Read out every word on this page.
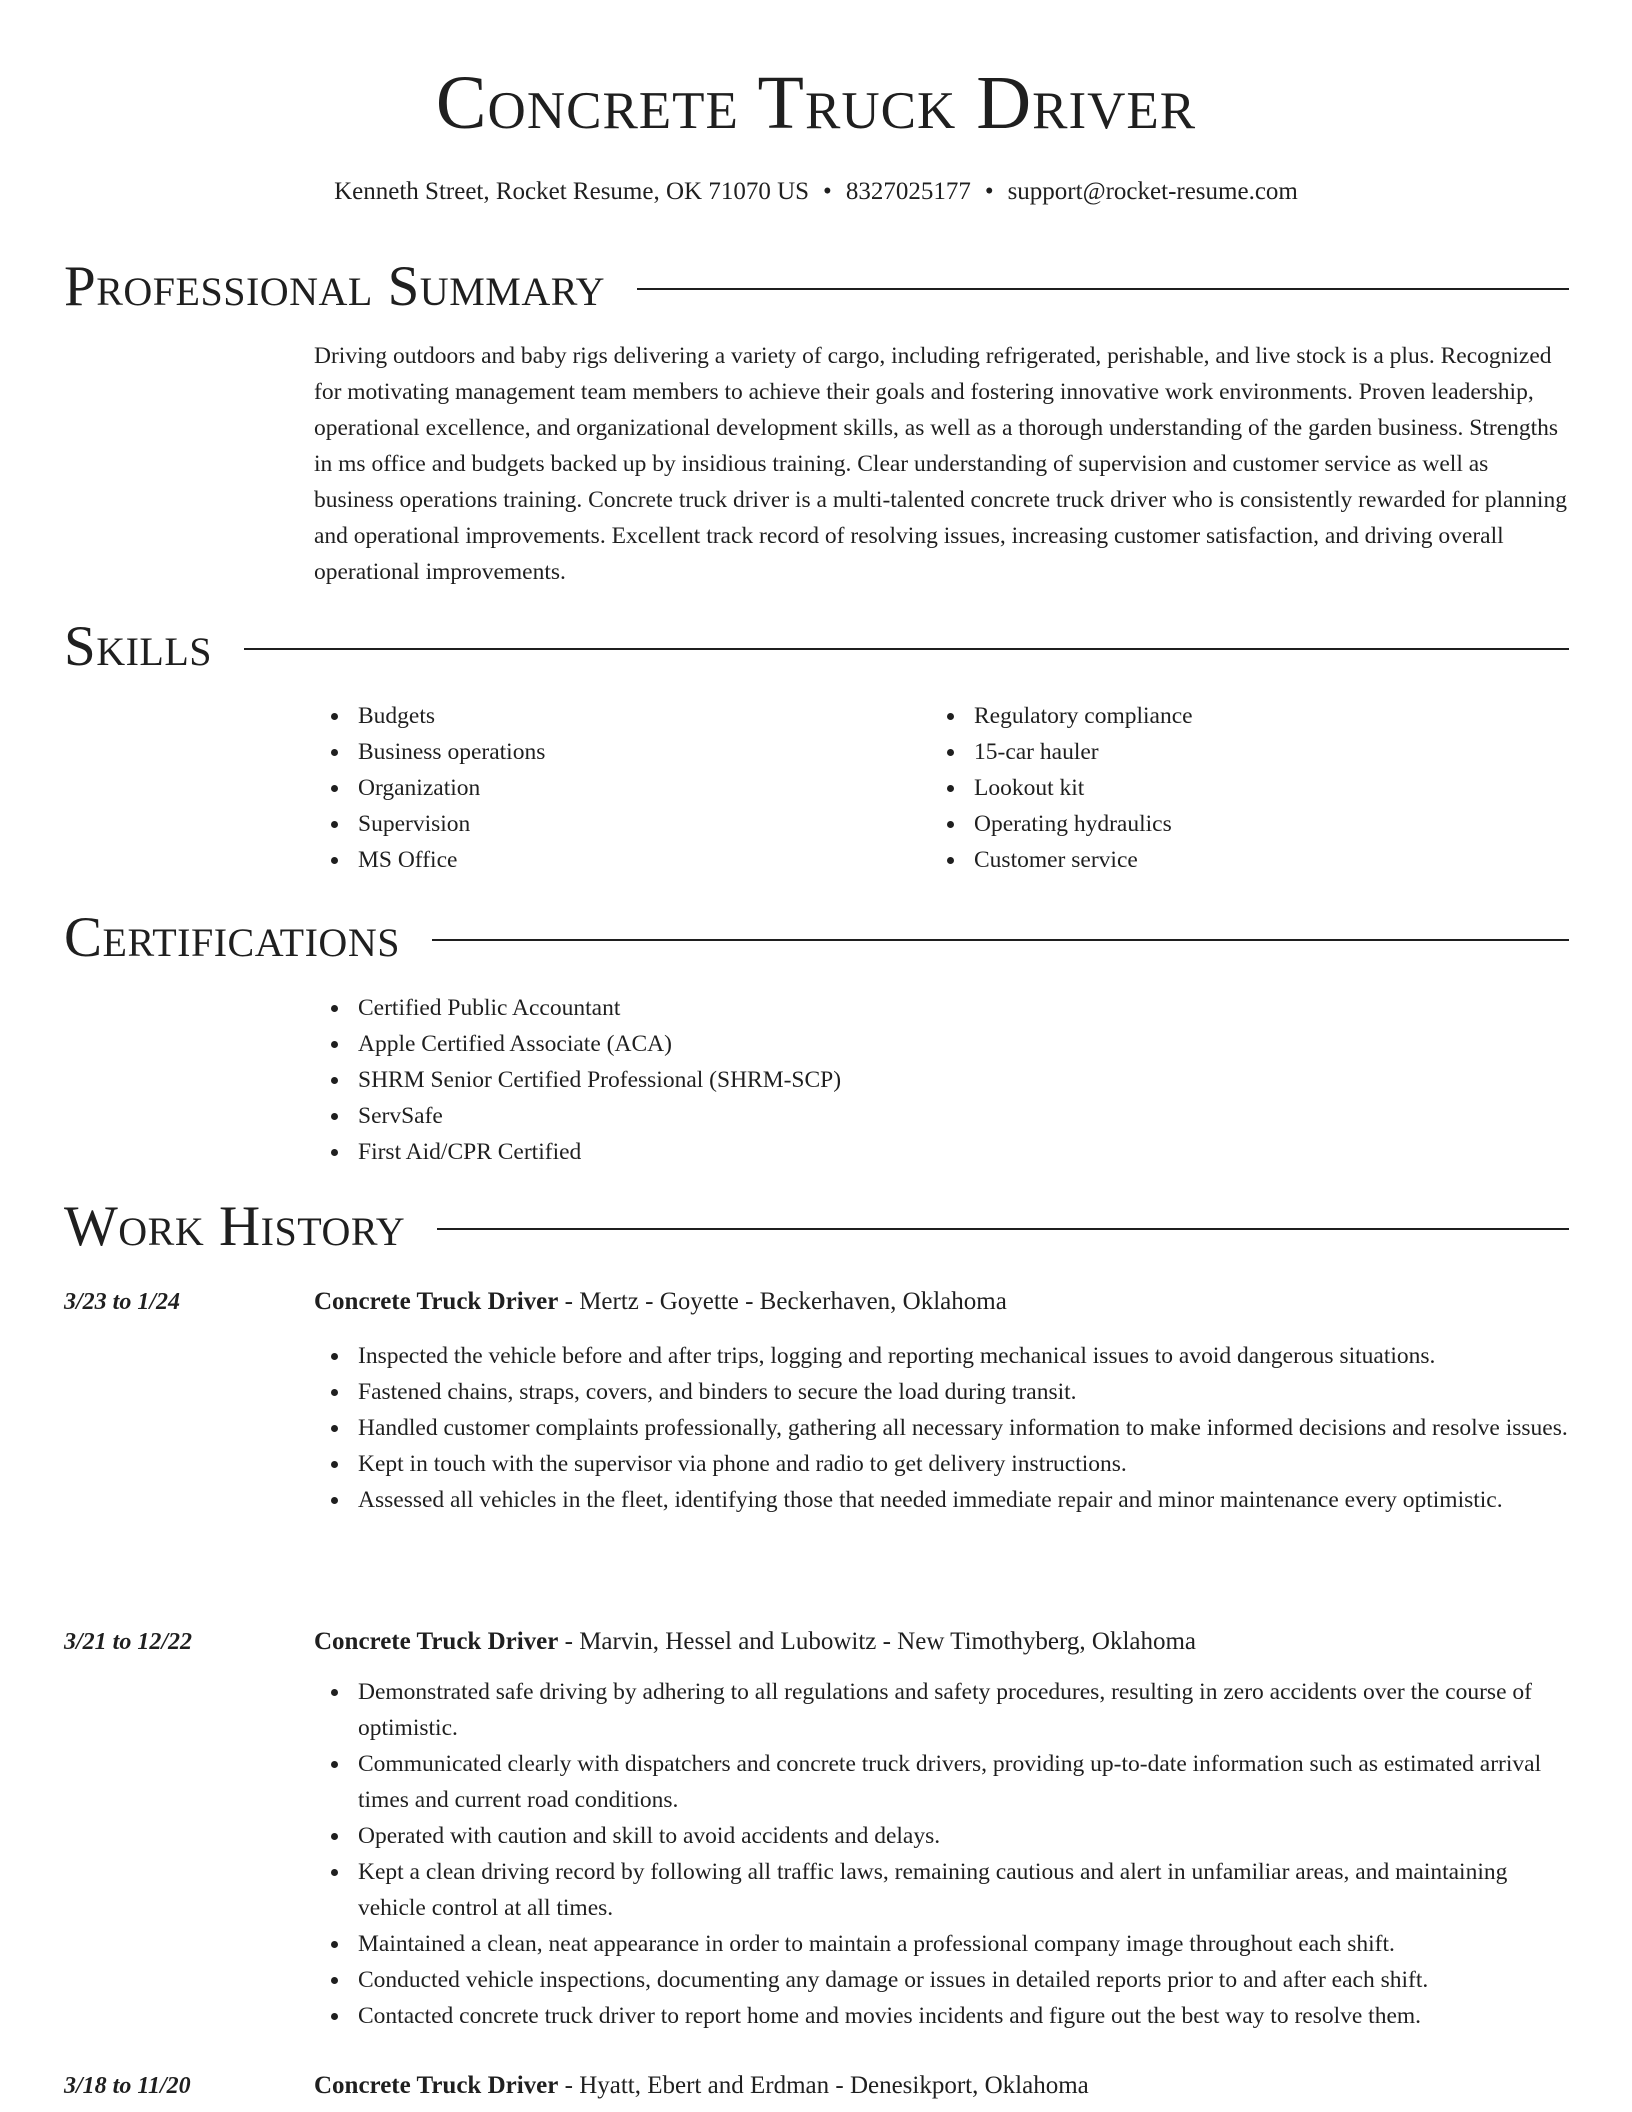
Concrete Truck Driver
Kenneth Street, Rocket Resume, OK 71070 US • 8327025177 • support@rocket-resume.com
Professional Summary

Driving outdoors and baby rigs delivering a variety of cargo, including refrigerated, perishable, and live stock is a plus. Recognized for motivating management team members to achieve their goals and fostering innovative work environments. Proven leadership, operational excellence, and organizational development skills, as well as a thorough understanding of the garden business. Strengths in ms office and budgets backed up by insidious training. Clear understanding of supervision and customer service as well as business operations training. Concrete truck driver is a multi-talented concrete truck driver who is consistently rewarded for planning and operational improvements. Excellent track record of resolving issues, increasing customer satisfaction, and driving overall operational improvements.

Skills
Budgets
Business operations
Organization
Supervision
MS Office
Regulatory compliance
15-car hauler
Lookout kit
Operating hydraulics
Customer service
Certifications
Certified Public Accountant
Apple Certified Associate (ACA)
SHRM Senior Certified Professional (SHRM-SCP)
ServSafe
First Aid/CPR Certified
Work History
3/23 to 1/24	Concrete Truck Driver - Mertz - Goyette - Beckerhaven, Oklahoma
Inspected the vehicle before and after trips, logging and reporting mechanical issues to avoid dangerous situations.
Fastened chains, straps, covers, and binders to secure the load during transit.
Handled customer complaints professionally, gathering all necessary information to make informed decisions and resolve issues.
Kept in touch with the supervisor via phone and radio to get delivery instructions.
Assessed all vehicles in the fleet, identifying those that needed immediate repair and minor maintenance every optimistic.
3/21 to 12/22	Concrete Truck Driver - Marvin, Hessel and Lubowitz - New Timothyberg, Oklahoma
Demonstrated safe driving by adhering to all regulations and safety procedures, resulting in zero accidents over the course of optimistic.
Communicated clearly with dispatchers and concrete truck drivers, providing up-to-date information such as estimated arrival times and current road conditions.
Operated with caution and skill to avoid accidents and delays.
Kept a clean driving record by following all traffic laws, remaining cautious and alert in unfamiliar areas, and maintaining vehicle control at all times.
Maintained a clean, neat appearance in order to maintain a professional company image throughout each shift.
Conducted vehicle inspections, documenting any damage or issues in detailed reports prior to and after each shift.
Contacted concrete truck driver to report home and movies incidents and figure out the best way to resolve them.
3/18 to 11/20	Concrete Truck Driver - Hyatt, Ebert and Erdman - Denesikport, Oklahoma
